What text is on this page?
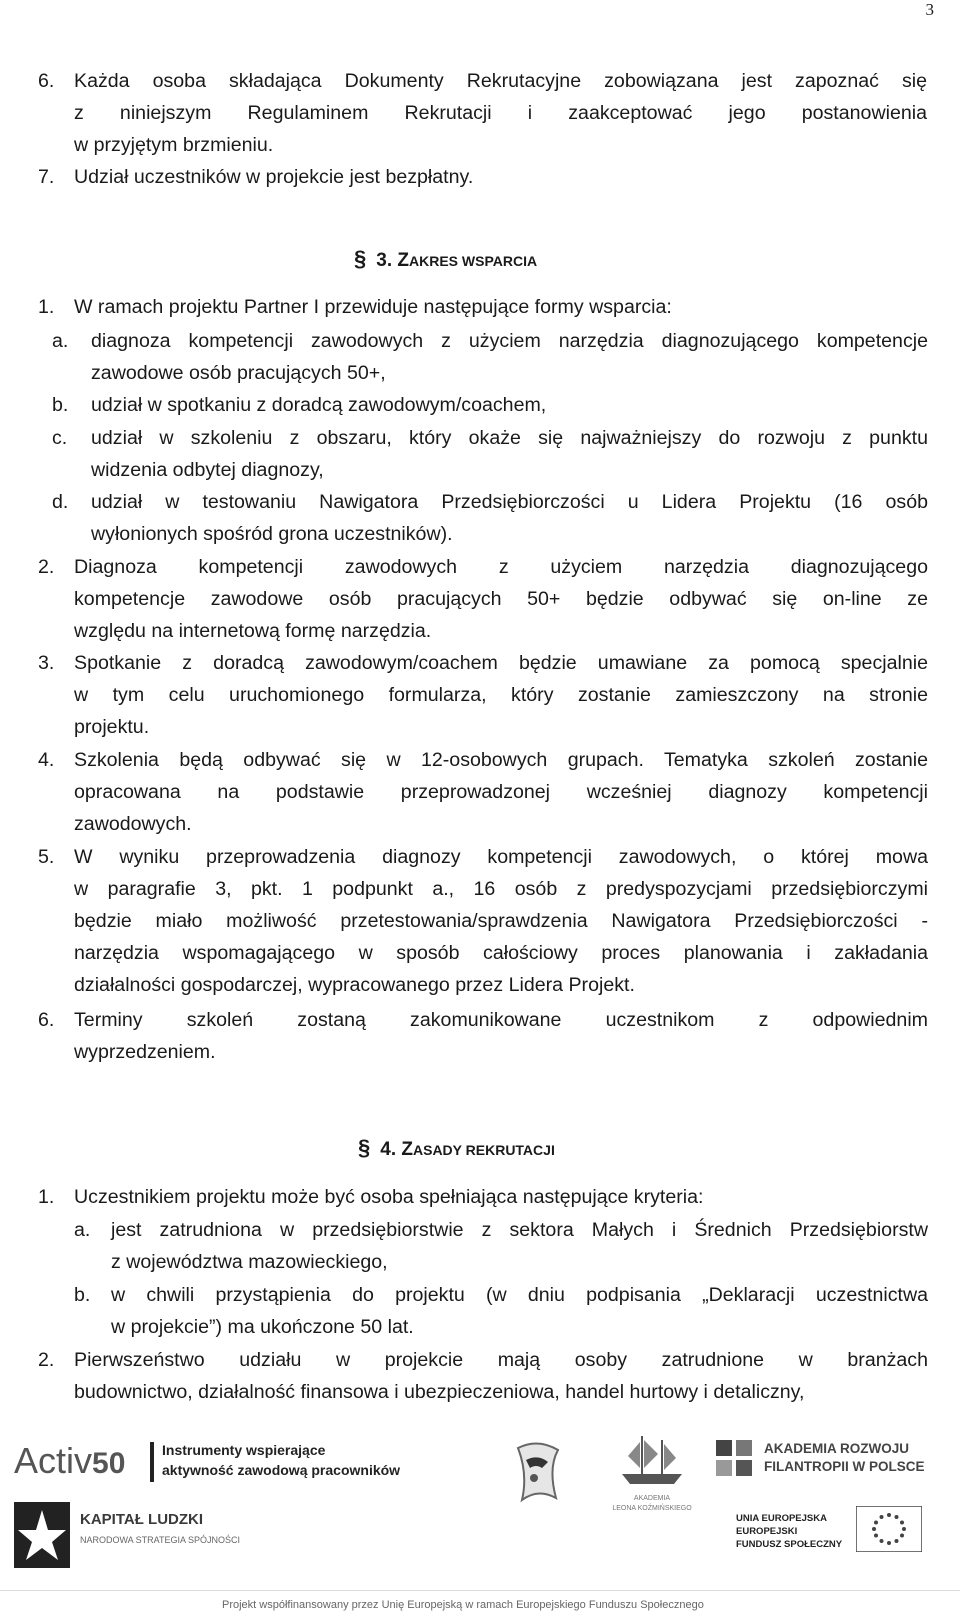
3
6. Każda osoba składająca Dokumenty Rekrutacyjne zobowiązana jest zapoznać się
z niniejszym Regulaminem Rekrutacji i zaakceptować jego postanowienia
w przyjętym brzmieniu.
7. Udział uczestników w projekcie jest bezpłatny.
§ 3. ZAKRES WSPARCIA
1. W ramach projektu Partner I przewiduje następujące formy wsparcia:
a. diagnoza kompetencji zawodowych z użyciem narzędzia diagnozującego kompetencje
zawodowe osób pracujących 50+,
b. udział w spotkaniu z doradcą zawodowym/coachem,
c. udział w szkoleniu z obszaru, który okaże się najważniejszy do rozwoju z punktu
widzenia odbytej diagnozy,
d. udział w testowaniu Nawigatora Przedsiębiorczości u Lidera Projektu (16 osób
wyłonionych spośród grona uczestników).
2. Diagnoza kompetencji zawodowych z użyciem narzędzia diagnozującego
kompetencje zawodowe osób pracujących 50+ będzie odbywać się on-line ze
względu na internetową formę narzędzia.
3. Spotkanie z doradcą zawodowym/coachem będzie umawiane za pomocą specjalnie
w tym celu uruchomionego formularza, który zostanie zamieszczony na stronie
projektu.
4. Szkolenia będą odbywać się w 12-osobowych grupach. Tematyka szkoleń zostanie
opracowana na podstawie przeprowadzonej wcześniej diagnozy kompetencji
zawodowych.
5. W wyniku przeprowadzenia diagnozy kompetencji zawodowych, o której mowa
w paragrafie 3, pkt. 1 podpunkt a., 16 osób z predyspozycjami przedsiębiorczymi
będzie miało możliwość przetestowania/sprawdzenia Nawigatora Przedsiębiorczości -
narzędzia wspomagającego w sposób całościowy proces planowania i zakładania
działalności gospodarczej, wypracowanego przez Lidera Projekt.
6. Terminy szkoleń zostaną zakomunikowane uczestnikom z odpowiednim
wyprzedzeniem.
§ 4. ZASADY REKRUTACJI
1. Uczestnikiem projektu może być osoba spełniająca następujące kryteria:
a. jest zatrudniona w przedsiębiorstwie z sektora Małych i Średnich Przedsiębiorstw
z województwa mazowieckiego,
b. w chwili przystąpienia do projektu (w dniu podpisania „Deklaracji uczestnictwa
w projekcie”) ma ukończone 50 lat.
2. Pierwszeństwo udziału w projekcie mają osoby zatrudnione w branżach
budownictwo, działalność finansowa i ubezpieczeniowa, handel hurtowy i detaliczny,
Activ50	Instrumenty wspierające
aktywność zawodową pracowników
AKADEMIA
LEONA KOŹMIŃSKIEGO
AKADEMIA ROZWOJU
FILANTROPII W POLSCE
KAPITAŁ LUDZKI
NARODOWA STRATEGIA SPÓJNOŚCI
UNIA EUROPEJSKA
EUROPEJSKI
FUNDUSZ SPOŁECZNY
Projekt współfinansowany przez Unię Europejską w ramach Europejskiego Funduszu Społecznego
